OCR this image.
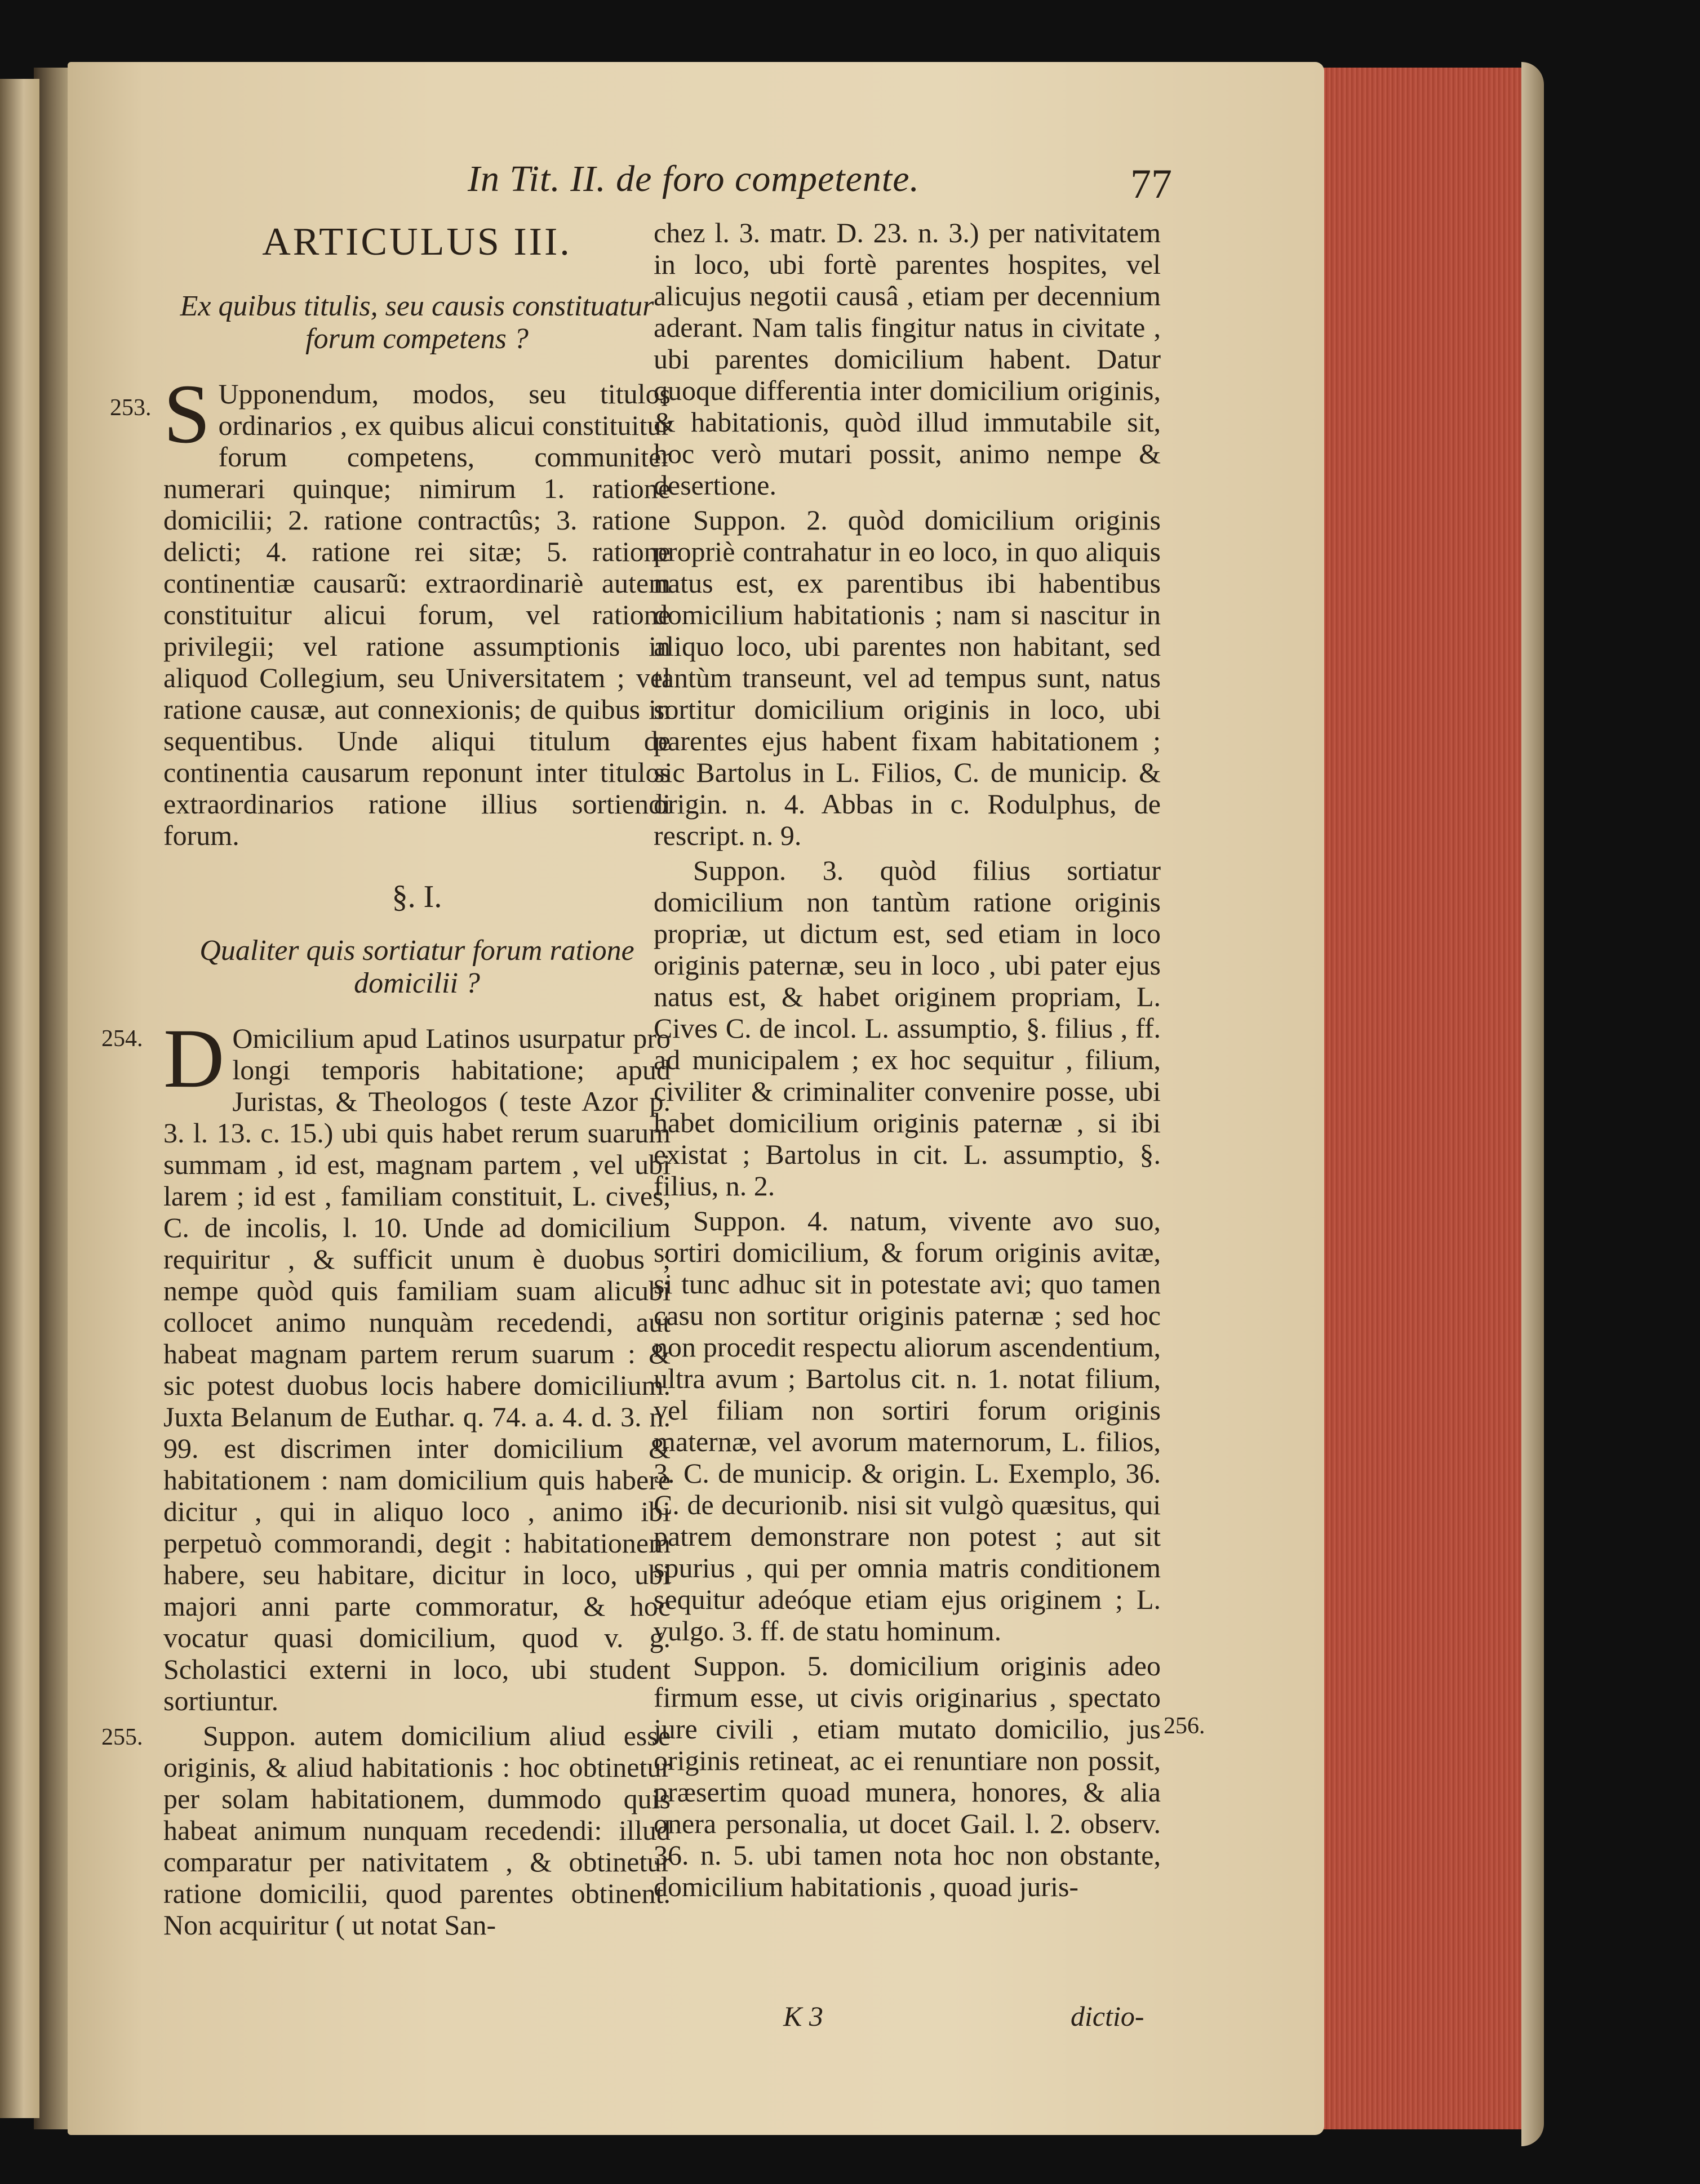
In Tit. II. de foro competente.	77
ARTICULUS III.
Ex quibus titulis, seu causis constituatur forum competens ?

S Upponendum, modos, seu titulos ordinarios , ex quibus alicui constituitur forum competens, communiter numerari quinque; nimirum 1. ratione domicilii; 2. ratione contractûs; 3. ratione delicti; 4. ratione rei sitæ; 5. ratione continentiæ causarũ: extraordinariè autem constituitur alicui forum, vel ratione privilegii; vel ratione assumptionis in aliquod Collegium, seu Universitatem ; vel ratione causæ, aut connexionis; de quibus in sequentibus. Unde aliqui titulum de continentia causarum reponunt inter titulos extraordinarios ratione illius sortiendi forum.

§. I.
Qualiter quis sortiatur forum ratione domicilii ?

D Omicilium apud Latinos usurpatur pro longi temporis habitatione; apud Juristas, & Theologos ( teste Azor p. 3. l. 13. c. 15.) ubi quis habet rerum suarum summam , id est, magnam partem , vel ubi larem ; id est , familiam constituit, L. cives, C. de incolis, l. 10. Unde ad domicilium requiritur , & sufficit unum è duobus ; nempe quòd quis familiam suam alicubi collocet animo nunquàm recedendi, aut habeat magnam partem rerum suarum : & sic potest duobus locis habere domicilium. Juxta Belanum de Euthar. q. 74. a. 4. d. 3. n. 99. est discrimen inter domicilium & habitationem : nam domicilium quis habere dicitur , qui in aliquo loco , animo ibi perpetuò commorandi, degit : habitationem habere, seu habitare, dicitur in loco, ubi majori anni parte commoratur, & hoc vocatur quasi domicilium, quod v. g. Scholastici externi in loco, ubi student sortiuntur.

Suppon. autem domicilium aliud esse originis, & aliud habitationis : hoc obtinetur per solam habitationem, dummodo quis habeat animum nunquam recedendi: illud comparatur per nativitatem , & obtinetur ratione domicilii, quod parentes obtinent. Non acquiritur ( ut notat San-

chez l. 3. matr. D. 23. n. 3.) per nativitatem in loco, ubi fortè parentes hospites, vel alicujus negotii causâ , etiam per decennium aderant. Nam talis fingitur natus in civitate , ubi parentes domicilium habent. Datur quoque differentia inter domicilium originis, & habitationis, quòd illud immutabile sit, hoc verò mutari possit, animo nempe & desertione.

Suppon. 2. quòd domicilium originis propriè contrahatur in eo loco, in quo aliquis natus est, ex parentibus ibi habentibus domicilium habitationis ; nam si nascitur in aliquo loco, ubi parentes non habitant, sed tantùm transeunt, vel ad tempus sunt, natus sortitur domicilium originis in loco, ubi parentes ejus habent fixam habitationem ; sic Bartolus in L. Filios, C. de municip. & origin. n. 4. Abbas in c. Rodulphus, de rescript. n. 9.

Suppon. 3. quòd filius sortiatur domicilium non tantùm ratione originis propriæ, ut dictum est, sed etiam in loco originis paternæ, seu in loco , ubi pater ejus natus est, & habet originem propriam, L. Cives C. de incol. L. assumptio, §. filius , ff. ad municipalem ; ex hoc sequitur , filium, civiliter & criminaliter convenire posse, ubi habet domicilium originis paternæ , si ibi existat ; Bartolus in cit. L. assumptio, §. filius, n. 2.

Suppon. 4. natum, vivente avo suo, sortiri domicilium, & forum originis avitæ, si tunc adhuc sit in potestate avi; quo tamen casu non sortitur originis paternæ ; sed hoc non procedit respectu aliorum ascendentium, ultra avum ; Bartolus cit. n. 1. notat filium, vel filiam non sortiri forum originis maternæ, vel avorum maternorum, L. filios, 3. C. de municip. & origin. L. Exemplo, 36. C. de decurionib. nisi sit vulgò quæsitus, qui patrem demonstrare non potest ; aut sit spurius , qui per omnia matris conditionem sequitur adeóque etiam ejus originem ; L. vulgo. 3. ff. de statu hominum.

Suppon. 5. domicilium originis adeo firmum esse, ut civis originarius , spectato jure civili , etiam mutato domicilio, jus originis retineat, ac ei renuntiare non possit, præsertim quoad munera, honores, & alia onera personalia, ut docet Gail. l. 2. observ. 36. n. 5. ubi tamen nota hoc non obstante, domicilium habitationis , quoad juris-

253.
254.
255.	256.
K 3	dictio-
